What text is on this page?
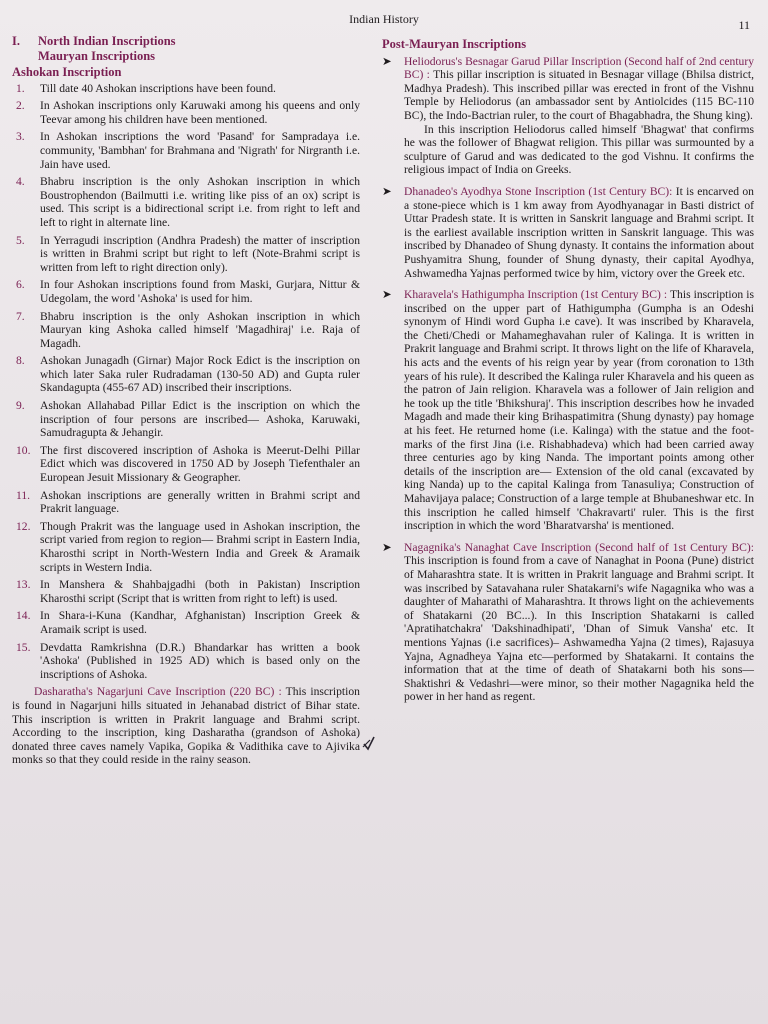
Indian History	11
I. North Indian Inscriptions
Mauryan Inscriptions
Ashokan Inscription
1. Till date 40 Ashokan inscriptions have been found.
2. In Ashokan inscriptions only Karuwaki among his queens and only Teevar among his children have been mentioned.
3. In Ashokan inscriptions the word 'Pasand' for Sampradaya i.e. community, 'Bambhan' for Brahmana and 'Nigrath' for Nirgranth i.e. Jain have used.
4. Bhabru inscription is the only Ashokan inscription in which Boustrophendon (Bailmutti i.e. writing like piss of an ox) script is used. This script is a bidirectional script i.e. from right to left and left to right in alternate line.
5. In Yerragudi inscription (Andhra Pradesh) the matter of inscription is written in Brahmi script but right to left (Note-Brahmi script is written from left to right direction only).
6. In four Ashokan inscriptions found from Maski, Gurjara, Nittur & Udegolam, the word 'Ashoka' is used for him.
7. Bhabru inscription is the only Ashokan inscription in which Mauryan king Ashoka called himself 'Magadhiraj' i.e. Raja of Magadh.
8. Ashokan Junagadh (Girnar) Major Rock Edict is the inscription on which later Saka ruler Rudradaman (130-50 AD) and Gupta ruler Skandagupta (455-67 AD) inscribed their inscriptions.
9. Ashokan Allahabad Pillar Edict is the inscription on which the inscription of four persons are inscribed— Ashoka, Karuwaki, Samudragupta & Jehangir.
10. The first discovered inscription of Ashoka is Meerut-Delhi Pillar Edict which was discovered in 1750 AD by Joseph Tiefenthaler an European Jesuit Missionary & Geographer.
11. Ashokan inscriptions are generally written in Brahmi script and Prakrit language.
12. Though Prakrit was the language used in Ashokan inscription, the script varied from region to region— Brahmi script in Eastern India, Kharosthi script in North-Western India and Greek & Aramaik scripts in Western India.
13. In Manshera & Shahbajgadhi (both in Pakistan) Inscription Kharosthi script (Script that is written from right to left) is used.
14. In Shara-i-Kuna (Kandhar, Afghanistan) Inscription Greek & Aramaik script is used.
15. Devdatta Ramkrishna (D.R.) Bhandarkar has written a book 'Ashoka' (Published in 1925 AD) which is based only on the inscriptions of Ashoka.

Dasharatha's Nagarjuni Cave Inscription (220 BC) : This inscription is found in Nagarjuni hills situated in Jehanabad district of Bihar state. This inscription is written in Prakrit language and Brahmi script. According to the inscription, king Dasharatha (grandson of Ashoka) donated three caves namely Vapika, Gopika & Vadithika cave to Ajivika monks so that they could reside in the rainy season.

Post-Mauryan Inscriptions
➤ Heliodorus's Besnagar Garud Pillar Inscription (Second half of 2nd century BC) : This pillar inscription is situated in Besnagar village (Bhilsa district, Madhya Pradesh). This inscribed pillar was erected in front of the Vishnu Temple by Heliodorus (an ambassador sent by Antiolcides (115 BC-110 BC), the Indo-Bactrian ruler, to the court of Bhagabhadra, the Shung king).
In this inscription Heliodorus called himself 'Bhagwat' that confirms he was the follower of Bhagwat religion. This pillar was surmounted by a sculpture of Garud and was dedicated to the god Vishnu. It confirms the religious impact of India on Greeks.
➤ Dhanadeo's Ayodhya Stone Inscription (1st Century BC): It is encarved on a stone-piece which is 1 km away from Ayodhyanagar in Basti district of Uttar Pradesh state. It is written in Sanskrit language and Brahmi script. It is the earliest available inscription written in Sanskrit language. This was inscribed by Dhanadeo of Shung dynasty. It contains the information about Pushyamitra Shung, founder of Shung dynasty, their capital Ayodhya, Ashwamedha Yajnas performed twice by him, victory over the Greek etc.
➤ Kharavela's Hathigumpha Inscription (1st Century BC) : This inscription is inscribed on the upper part of Hathigumpha (Gumpha is an Odeshi synonym of Hindi word Gupha i.e cave). It was inscribed by Kharavela, the Cheti/Chedi or Mahameghavahan ruler of Kalinga. It is written in Prakrit language and Brahmi script. It throws light on the life of Kharavela, his acts and the events of his reign year by year (from coronation to 13th years of his rule). It described the Kalinga ruler Kharavela and his queen as the patron of Jain religion. Kharavela was a follower of Jain religion and he took up the title 'Bhikshuraj'. This inscription describes how he invaded Magadh and made their king Brihaspatimitra (Shung dynasty) pay homage at his feet. He returned home (i.e. Kalinga) with the statue and the foot-marks of the first Jina (i.e. Rishabhadeva) which had been carried away three centuries ago by king Nanda. The important points among other details of the inscription are— Extension of the old canal (excavated by king Nanda) up to the capital Kalinga from Tanasuliya; Construction of Mahavijaya palace; Construction of a large temple at Bhubaneshwar etc. In this inscription he called himself 'Chakravarti' ruler. This is the first inscription in which the word 'Bharatvarsha' is mentioned.
➤ Nagagnika's Nanaghat Cave Inscription (Second half of 1st Century BC): This inscription is found from a cave of Nanaghat in Poona (Pune) district of Maharashtra state. It is written in Prakrit language and Brahmi script. It was inscribed by Satavahana ruler Shatakarni's wife Nagagnika who was a daughter of Maharathi of Maharashtra. It throws light on the achievements of Shatakarni (20 BC...). In this Inscription Shatakarni is called 'Apratihatchakra' 'Dakshinadhipati', 'Dhan of Simuk Vansha' etc. It mentions Yajnas (i.e sacrifices)– Ashwamedha Yajna (2 times), Rajasuya Yajna, Agnadheya Yajna etc—performed by Shatakarni. It contains the information that at the time of death of Shatakarni both his sons—Shaktishri & Vedashri—were minor, so their mother Nagagnika held the power in her hand as regent.
